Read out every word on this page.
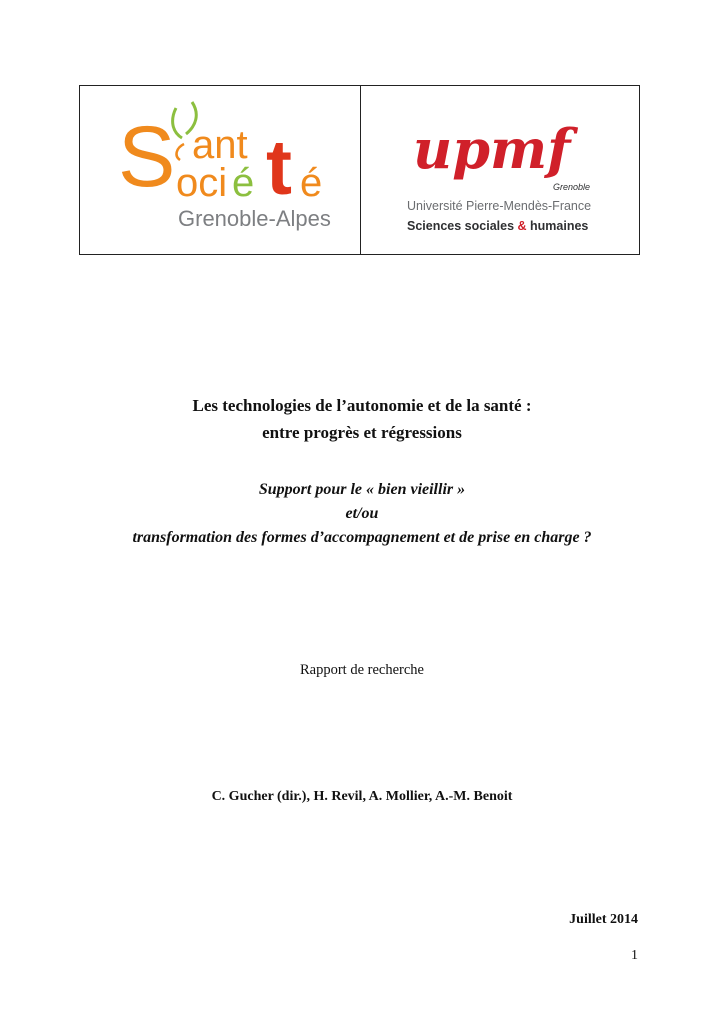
S ant t
oci é é
Grenoble-Alpes
upmf
Grenoble
Université Pierre-Mendès-France
Sciences sociales & humaines
Les technologies de l’autonomie et de la santé :
entre progrès et régressions
Support pour le « bien vieillir »
et/ou
transformation des formes d’accompagnement et de prise en charge ?
Rapport de recherche
C. Gucher (dir.), H. Revil, A. Mollier, A.-M. Benoit
Juillet 2014
1
